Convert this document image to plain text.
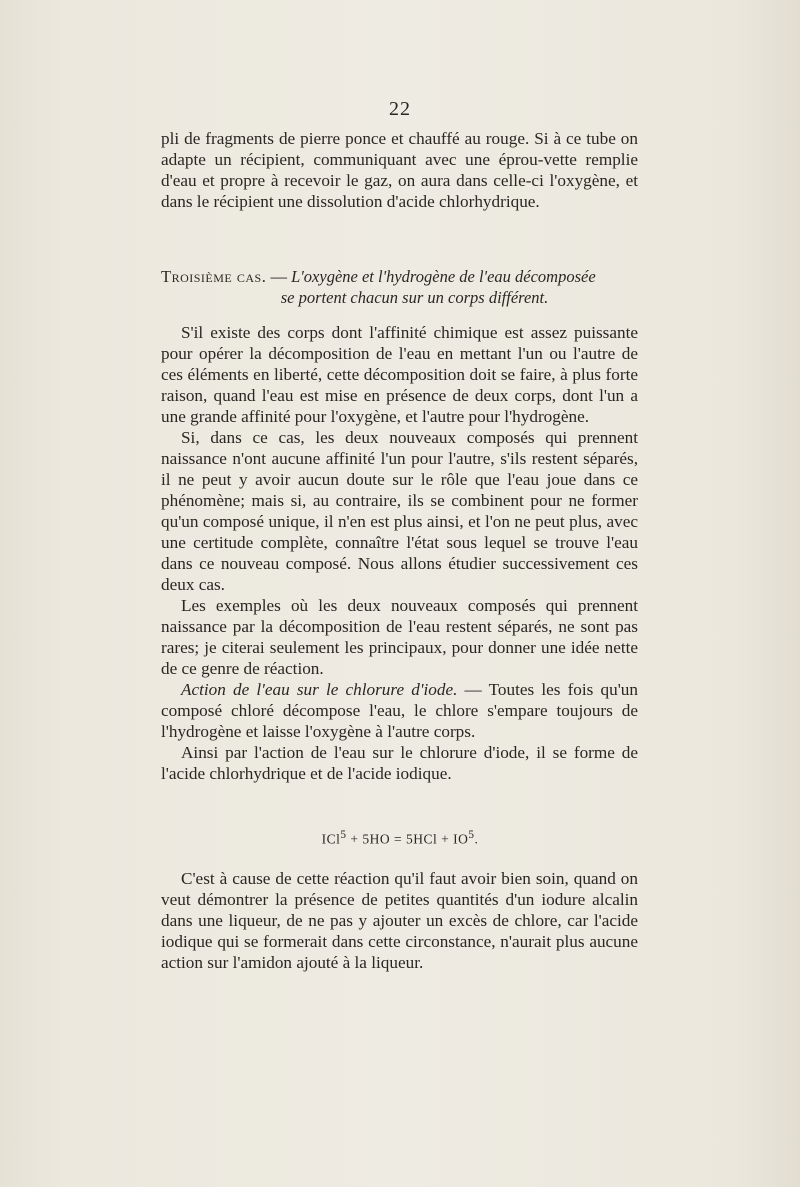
22

pli de fragments de pierre ponce et chauffé au rouge. Si à ce tube on adapte un récipient, communiquant avec une éprou-vette remplie d'eau et propre à recevoir le gaz, on aura dans celle-ci l'oxygène, et dans le récipient une dissolution d'acide chlorhydrique.

Troisième cas. — L'oxygène et l'hydrogène de l'eau décomposée
se portent chacun sur un corps différent.

S'il existe des corps dont l'affinité chimique est assez puissante pour opérer la décomposition de l'eau en mettant l'un ou l'autre de ces éléments en liberté, cette décomposition doit se faire, à plus forte raison, quand l'eau est mise en présence de deux corps, dont l'un a une grande affinité pour l'oxygène, et l'autre pour l'hydrogène.

Si, dans ce cas, les deux nouveaux composés qui prennent naissance n'ont aucune affinité l'un pour l'autre, s'ils restent séparés, il ne peut y avoir aucun doute sur le rôle que l'eau joue dans ce phénomène; mais si, au contraire, ils se combinent pour ne former qu'un composé unique, il n'en est plus ainsi, et l'on ne peut plus, avec une certitude complète, connaître l'état sous lequel se trouve l'eau dans ce nouveau composé. Nous allons étudier successivement ces deux cas.

Les exemples où les deux nouveaux composés qui prennent naissance par la décomposition de l'eau restent séparés, ne sont pas rares; je citerai seulement les principaux, pour donner une idée nette de ce genre de réaction.

Action de l'eau sur le chlorure d'iode. — Toutes les fois qu'un composé chloré décompose l'eau, le chlore s'empare toujours de l'hydrogène et laisse l'oxygène à l'autre corps.

Ainsi par l'action de l'eau sur le chlorure d'iode, il se forme de l'acide chlorhydrique et de l'acide iodique.

$ICl^5 + 5HO = 5HCl + IO^5$.

C'est à cause de cette réaction qu'il faut avoir bien soin, quand on veut démontrer la présence de petites quantités d'un iodure alcalin dans une liqueur, de ne pas y ajouter un excès de chlore, car l'acide iodique qui se formerait dans cette circonstance, n'aurait plus aucune action sur l'amidon ajouté à la liqueur.
